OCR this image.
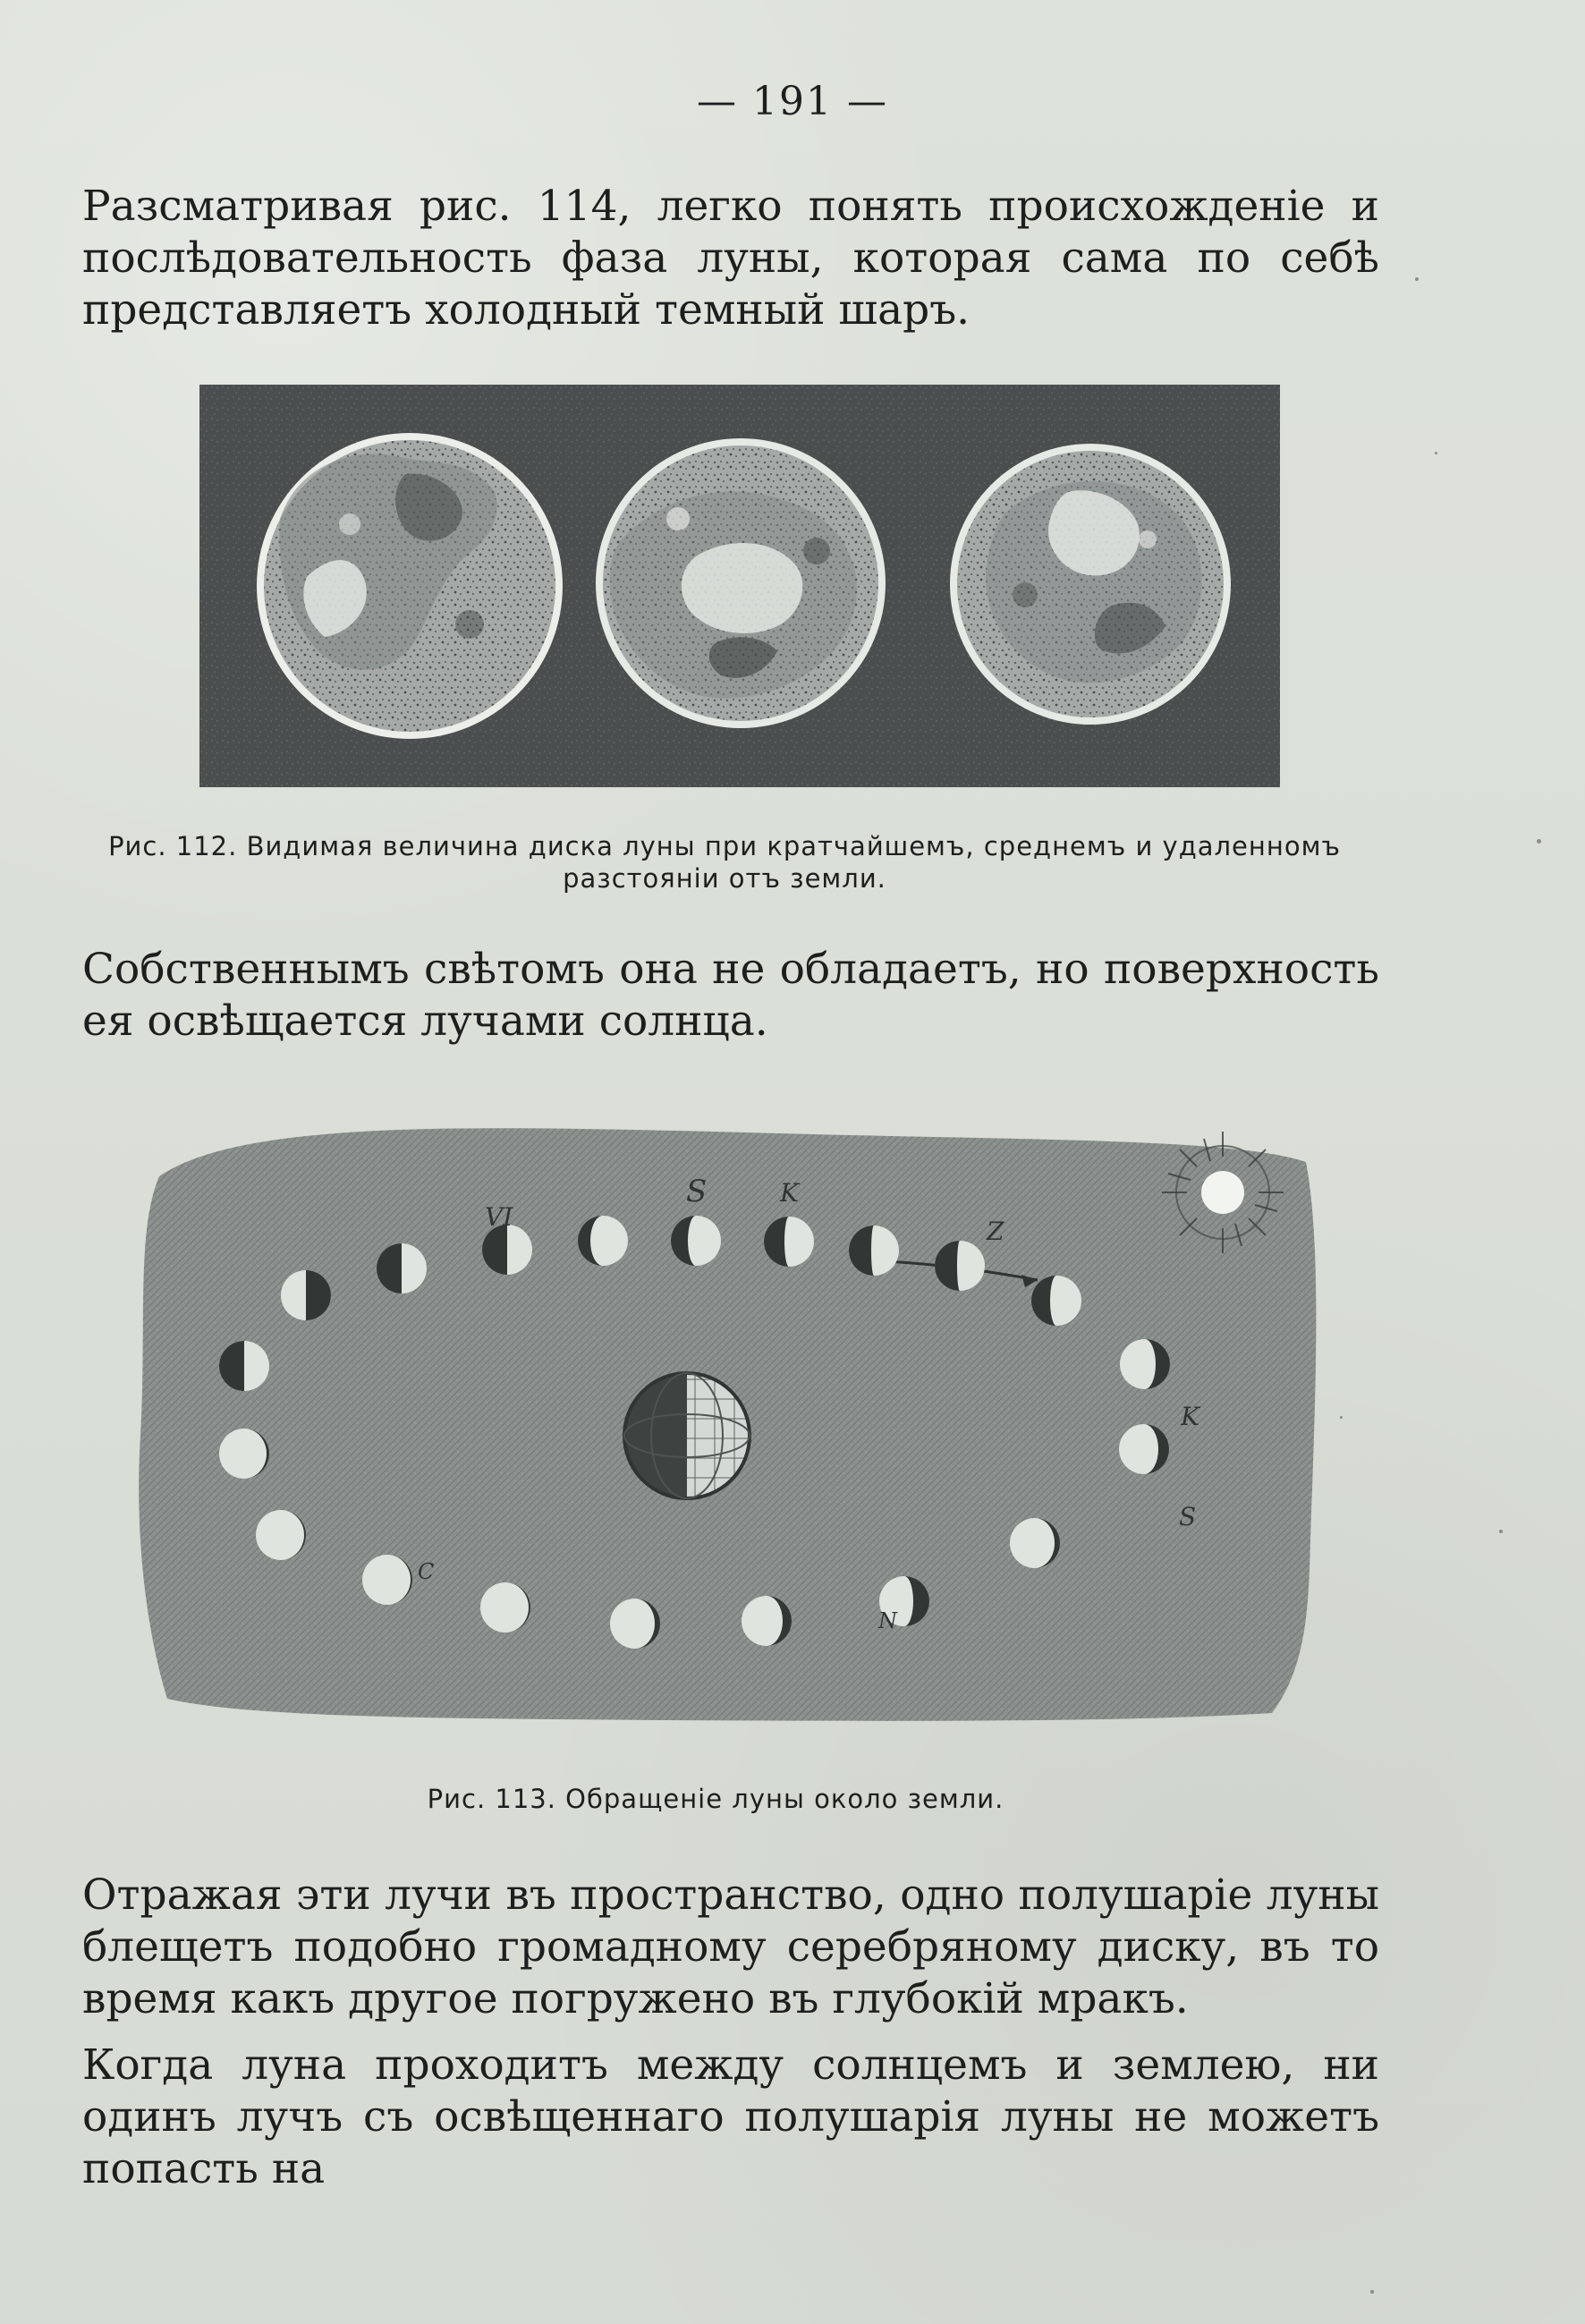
— 191 —

Разсматривая рис. 114, легко понять происхожденіе и послѣдовательность фаза луны, которая сама по себѣ представляетъ холодный темный шаръ.

Рис. 112. Видимая величина диска луны при кратчайшемъ, среднемъ и удаленномъ разстояніи отъ земли.

Собственнымъ свѣтомъ она не обладаетъ, но поверхность ея освѣщается лучами солнца.

VI
S	K
Z
K
S
C
N
Рис. 113. Обращеніе луны около земли.

Отражая эти лучи въ пространство, одно полушаріе луны блещетъ подобно громадному серебряному диску, въ то время какъ другое погружено въ глубокій мракъ.

Когда луна проходитъ между солнцемъ и землею, ни одинъ лучъ съ освѣщеннаго полушарія луны не можетъ попасть на
